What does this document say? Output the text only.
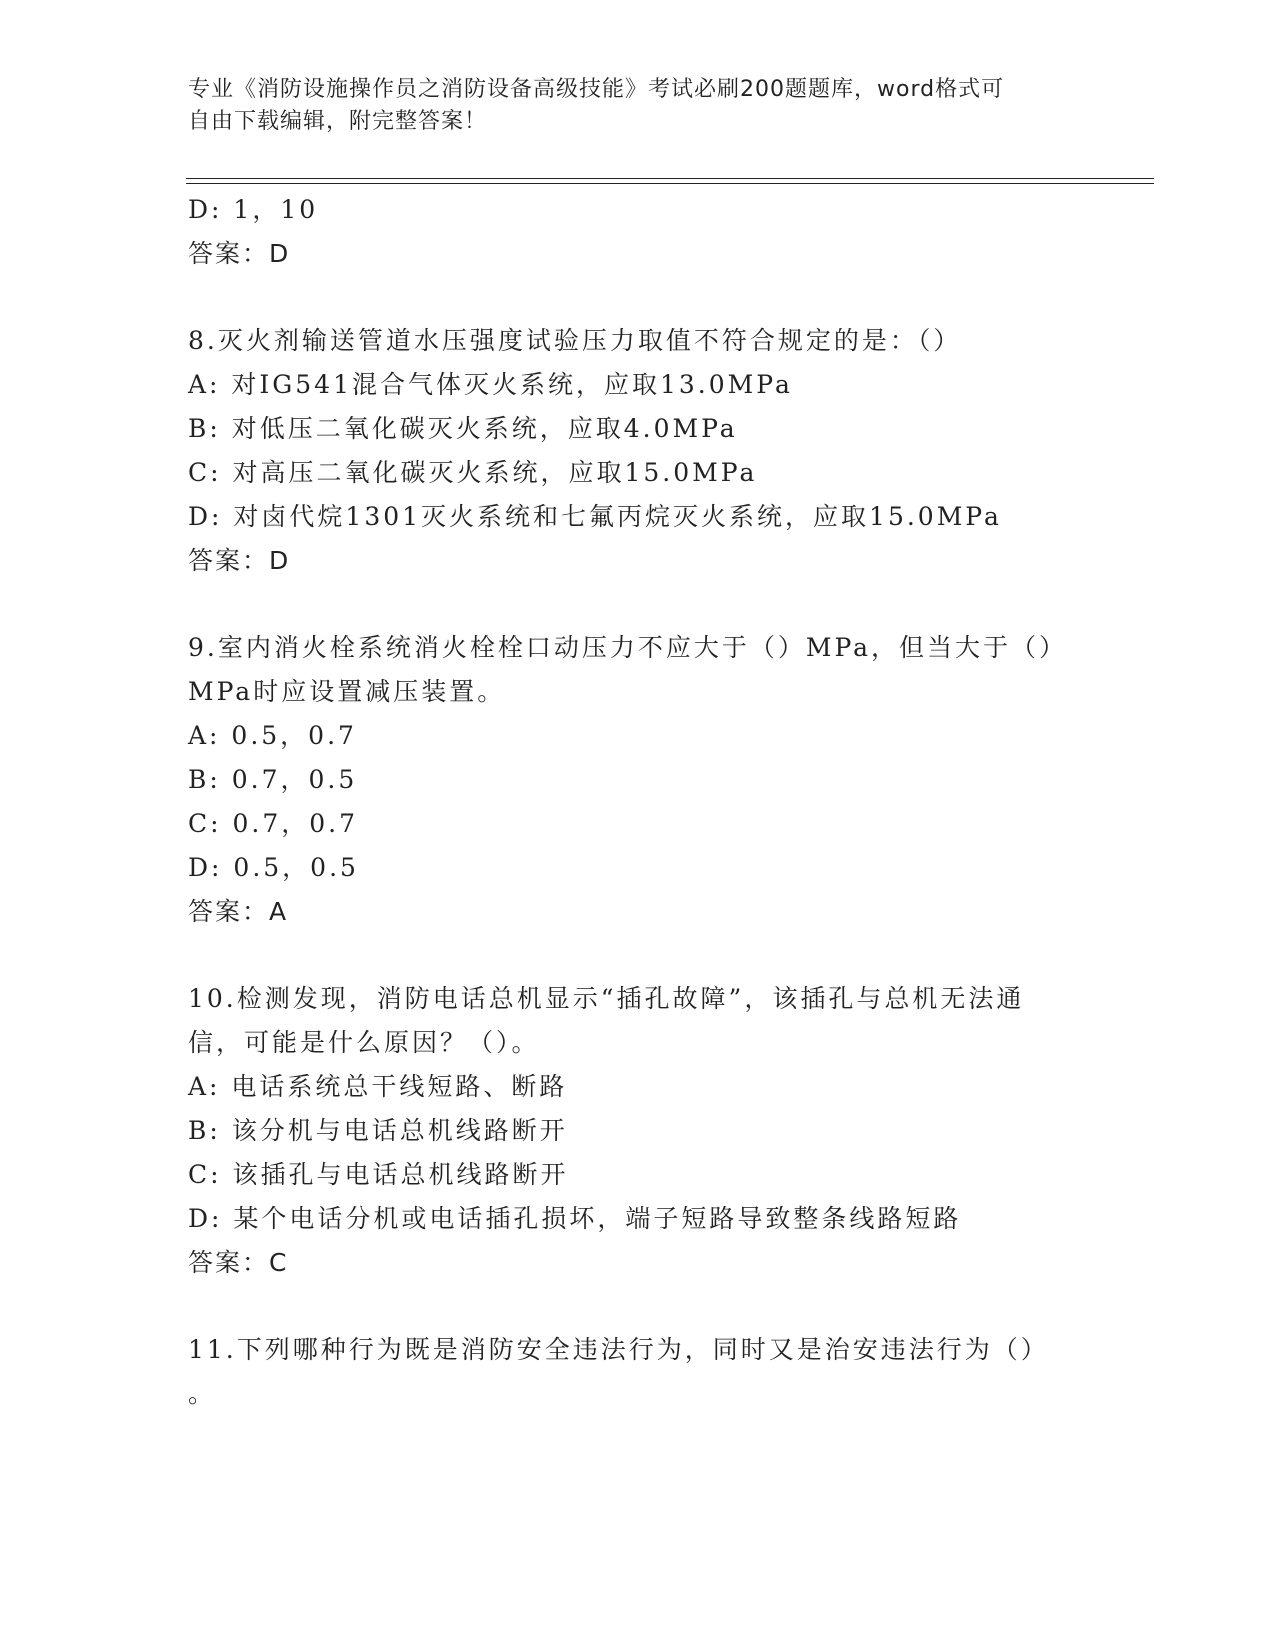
专业《消防设施操作员之消防设备高级技能》考试必刷200题题库，word格式可
自由下载编辑，附完整答案！
D: 1，10
答案：D
8.灭火剂输送管道水压强度试验压力取值不符合规定的是：（）
A: 对IG541混合气体灭火系统，应取13.0MPa
B: 对低压二氧化碳灭火系统，应取4.0MPa
C: 对高压二氧化碳灭火系统，应取15.0MPa
D: 对卤代烷1301灭火系统和七氟丙烷灭火系统，应取15.0MPa
答案：D
9.室内消火栓系统消火栓栓口动压力不应大于（）MPa，但当大于（）
MPa时应设置减压装置。
A: 0.5，0.7
B: 0.7，0.5
C: 0.7，0.7
D: 0.5，0.5
答案：A
10.检测发现，消防电话总机显示“插孔故障”，该插孔与总机无法通
信，可能是什么原因？（）。
A: 电话系统总干线短路、断路
B: 该分机与电话总机线路断开
C: 该插孔与电话总机线路断开
D: 某个电话分机或电话插孔损坏，端子短路导致整条线路短路
答案：C
11.下列哪种行为既是消防安全违法行为，同时又是治安违法行为（）
。
